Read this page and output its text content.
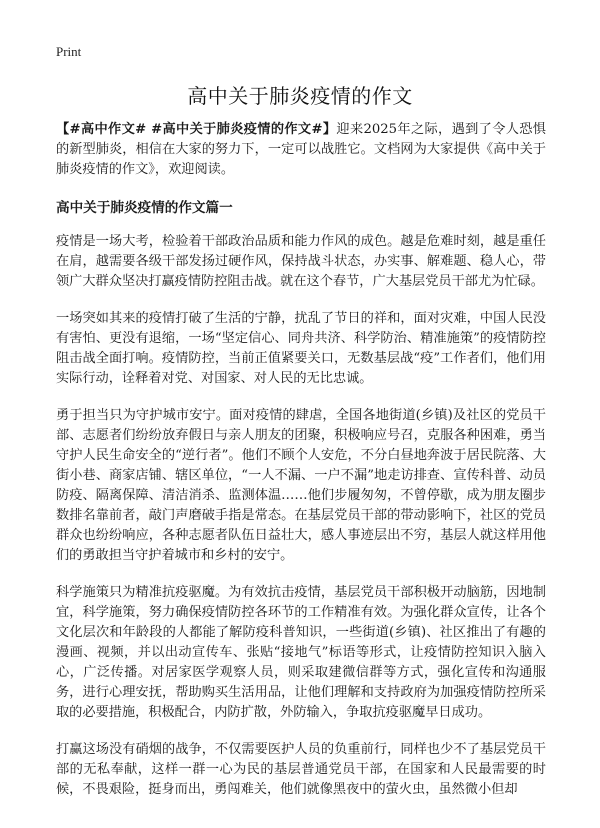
Print
高中关于肺炎疫情的作文

【#高中作文# #高中关于肺炎疫情的作文#】迎来2025年之际，遇到了令人恐惧的新型肺炎，相信在大家的努力下，一定可以战胜它。文档网为大家提供《高中关于肺炎疫情的作文》，欢迎阅读。

高中关于肺炎疫情的作文篇一

疫情是一场大考，检验着干部政治品质和能力作风的成色。越是危难时刻，越是重任在肩，越需要各级干部发扬过硬作风，保持战斗状态，办实事、解难题、稳人心，带领广大群众坚决打赢疫情防控阻击战。就在这个春节，广大基层党员干部尤为忙碌。

一场突如其来的疫情打破了生活的宁静，扰乱了节日的祥和，面对灾难，中国人民没有害怕、更没有退缩，一场“坚定信心、同舟共济、科学防治、精准施策”的疫情防控阻击战全面打响。疫情防控，当前正值紧要关口，无数基层战“疫”工作者们，他们用实际行动，诠释着对党、对国家、对人民的无比忠诚。

勇于担当只为守护城市安宁。面对疫情的肆虐，全国各地街道(乡镇)及社区的党员干部、志愿者们纷纷放弃假日与亲人朋友的团聚，积极响应号召，克服各种困难，勇当守护人民生命安全的“逆行者”。他们不顾个人安危，不分白昼地奔波于居民院落、大街小巷、商家店铺、辖区单位，“一人不漏、一户不漏”地走访排查、宣传科普、动员防疫、隔离保障、清洁消杀、监测体温……他们步履匆匆，不曾停歇，成为朋友圈步数排名靠前者，敲门声磨破手指是常态。在基层党员干部的带动影响下，社区的党员群众也纷纷响应，各种志愿者队伍日益壮大，感人事迹层出不穷，基层人就这样用他们的勇敢担当守护着城市和乡村的安宁。

科学施策只为精准抗疫驱魔。为有效抗击疫情，基层党员干部积极开动脑筋，因地制宜，科学施策，努力确保疫情防控各环节的工作精准有效。为强化群众宣传，让各个文化层次和年龄段的人都能了解防疫科普知识，一些街道(乡镇)、社区推出了有趣的漫画、视频，并以出动宣传车、张贴“接地气”标语等形式，让疫情防控知识入脑入心，广泛传播。对居家医学观察人员，则采取建微信群等方式，强化宣传和沟通服务，进行心理安抚，帮助购买生活用品，让他们理解和支持政府为加强疫情防控所采取的必要措施，积极配合，内防扩散，外防输入，争取抗疫驱魔早日成功。

打赢这场没有硝烟的战争，不仅需要医护人员的负重前行，同样也少不了基层党员干部的无私奉献，这样一群一心为民的基层普通党员干部，在国家和人民最需要的时候，不畏艰险，挺身而出，勇闯难关，他们就像黑夜中的萤火虫，虽然微小但却
